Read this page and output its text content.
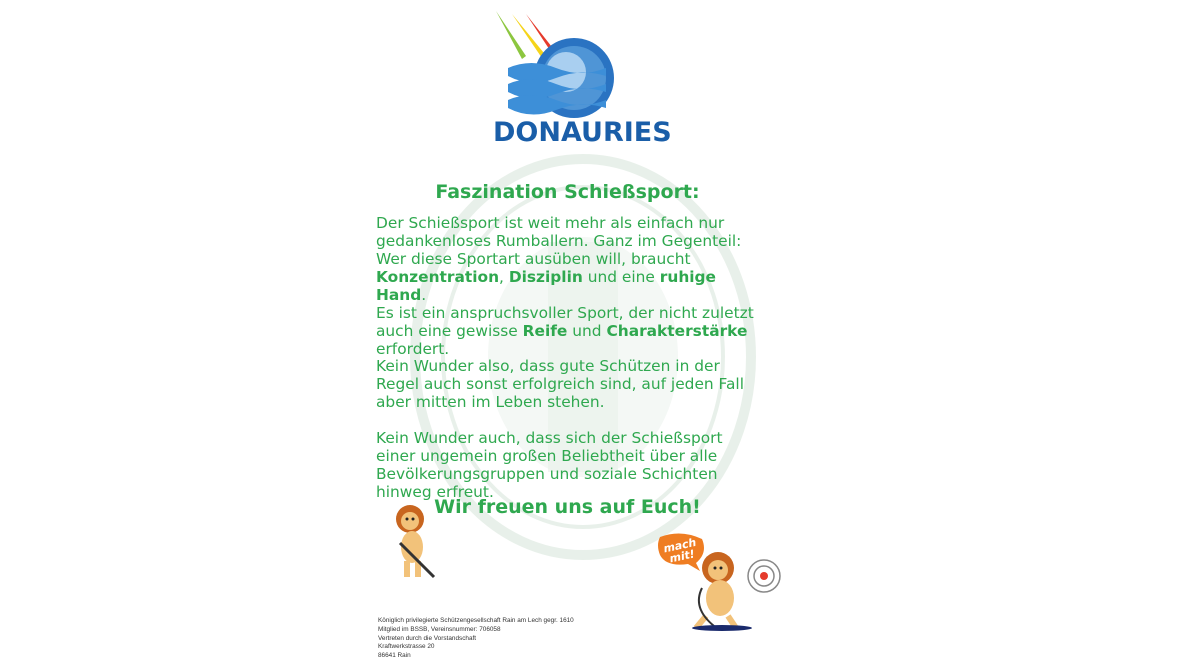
DONAURIES
Faszination Schießsport:
Der Schießsport ist weit mehr als einfach nur gedankenloses Rumballern. Ganz im Gegenteil: Wer diese Sportart ausüben will, braucht Konzentration, Disziplin und eine ruhige Hand.
Es ist ein anspruchsvoller Sport, der nicht zuletzt auch eine gewisse Reife und Charakterstärke erfordert.
Kein Wunder also, dass gute Schützen in der Regel auch sonst erfolgreich sind, auf jeden Fall aber mitten im Leben stehen.
Kein Wunder auch, dass sich der Schießsport einer ungemein großen Beliebtheit über alle Bevölkerungsgruppen und soziale Schichten hinweg erfreut.
Wir freuen uns auf Euch!
mach mit!
Königlich privilegierte Schützengesellschaft Rain am Lech gegr. 1610
Mitglied im BSSB, Vereinsnummer: 706058
Vertreten durch die Vorstandschaft
Kraftwerkstrasse 20
86641 Rain
